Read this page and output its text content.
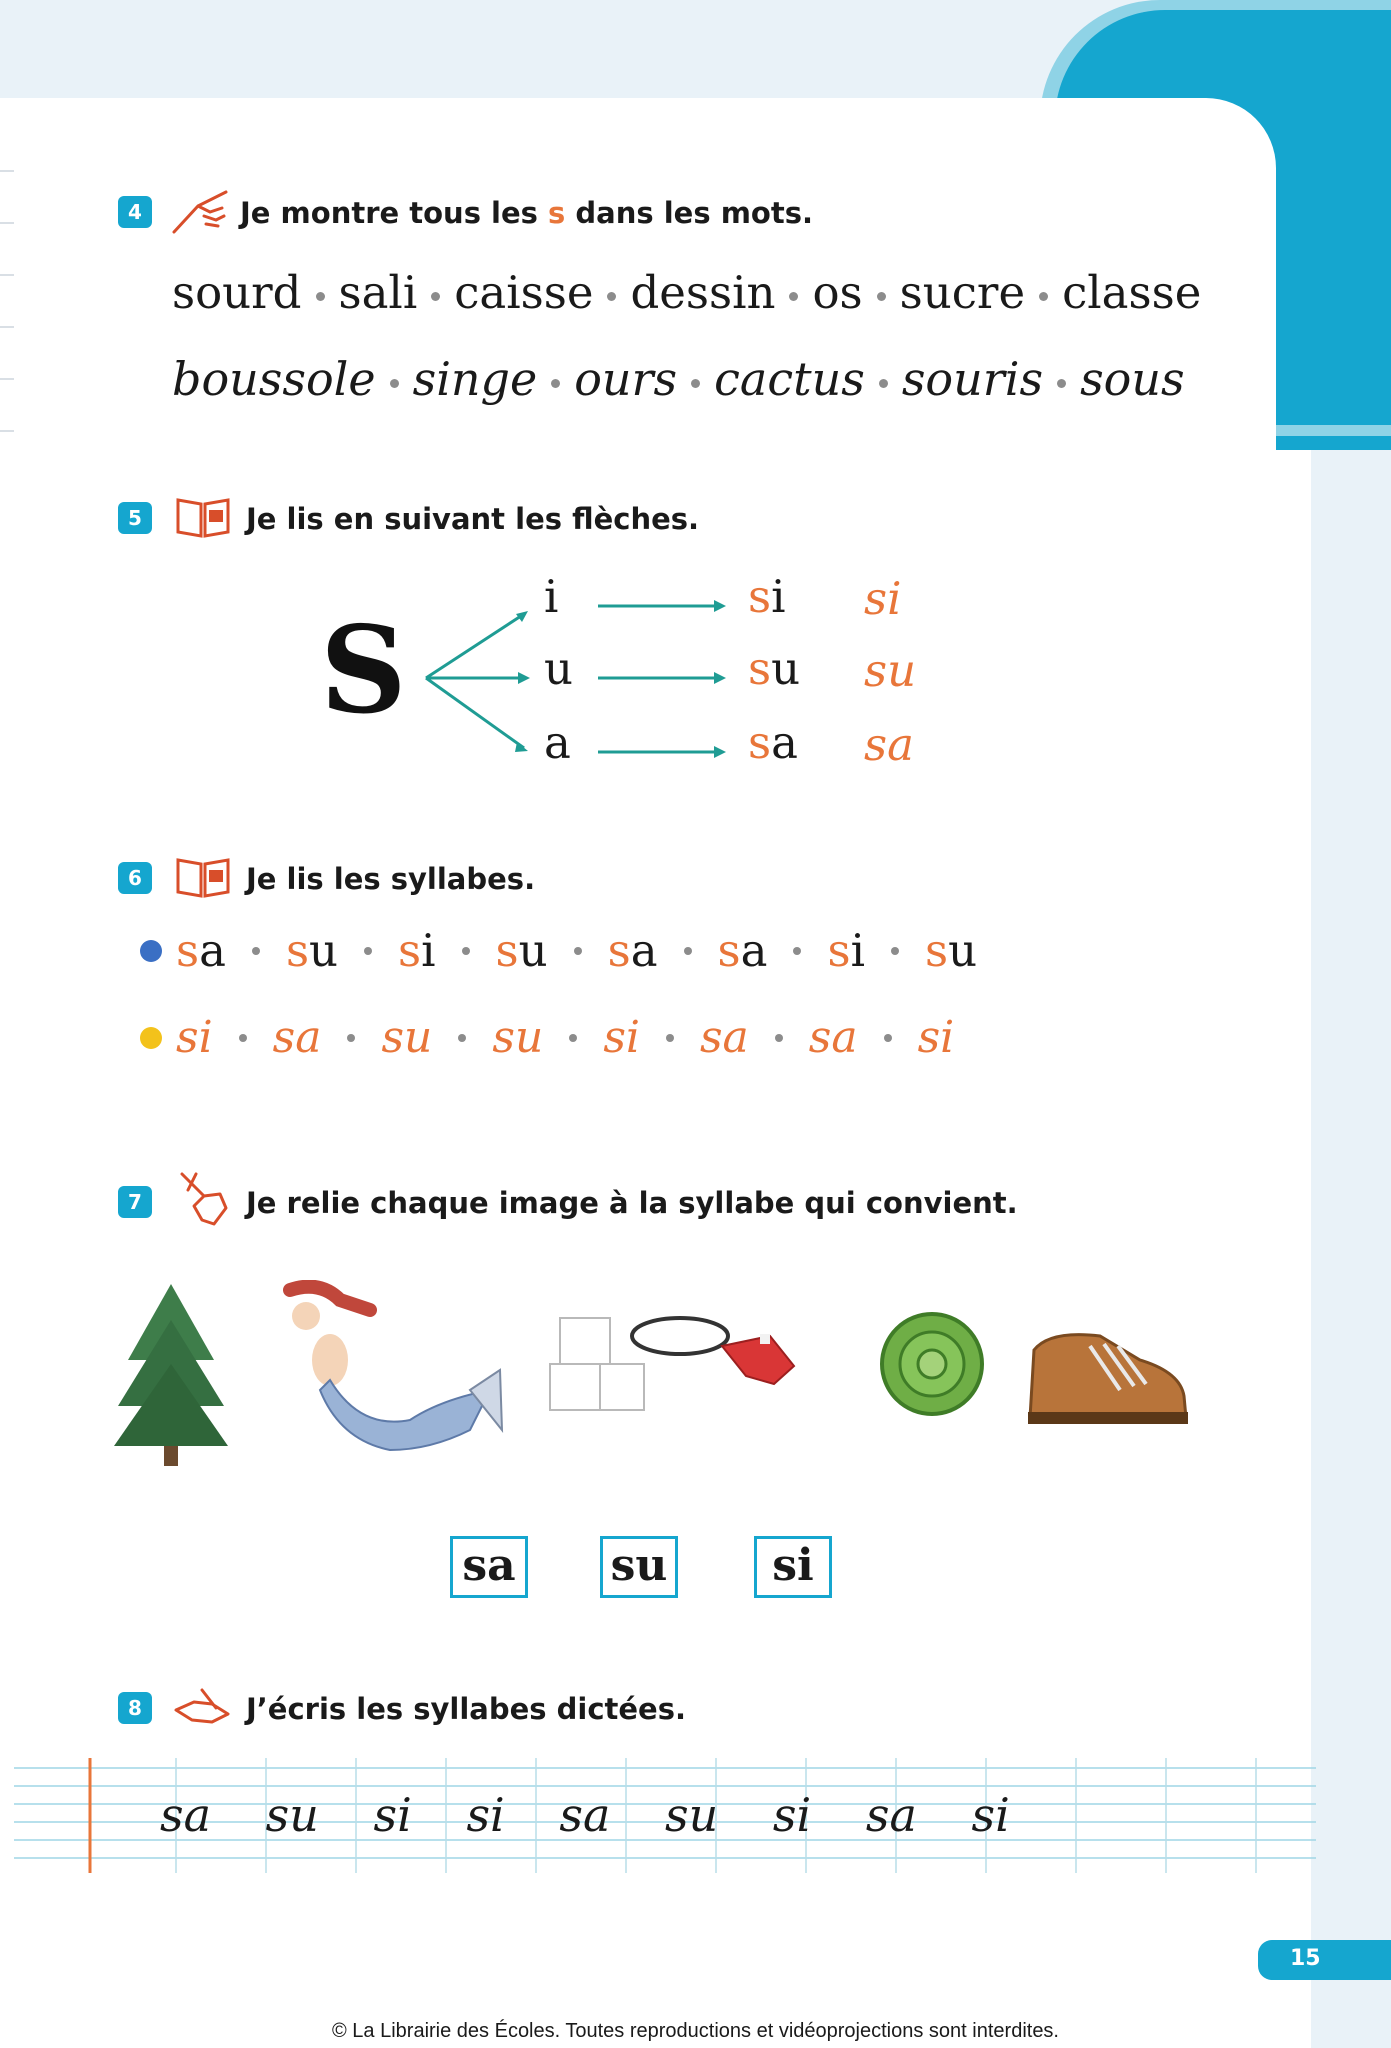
4	Je montre tous les s dans les mots.
sourd sali caisse dessin os sucre classe
boussole singe ours cactus souris sous
5	Je lis en suivant les flèches.
S
i
u
a
si
su
sa
si
su
sa
6	Je lis les syllabes.
sa su si su sa sa si su
si sa su su si sa sa si
7	Je relie chaque image à la syllabe qui convient.
sa su	si
8	J’écris les syllabes dictées.
sa su si si sa su si sa si
15
© La Librairie des Écoles. Toutes reproductions et vidéoprojections sont interdites.
